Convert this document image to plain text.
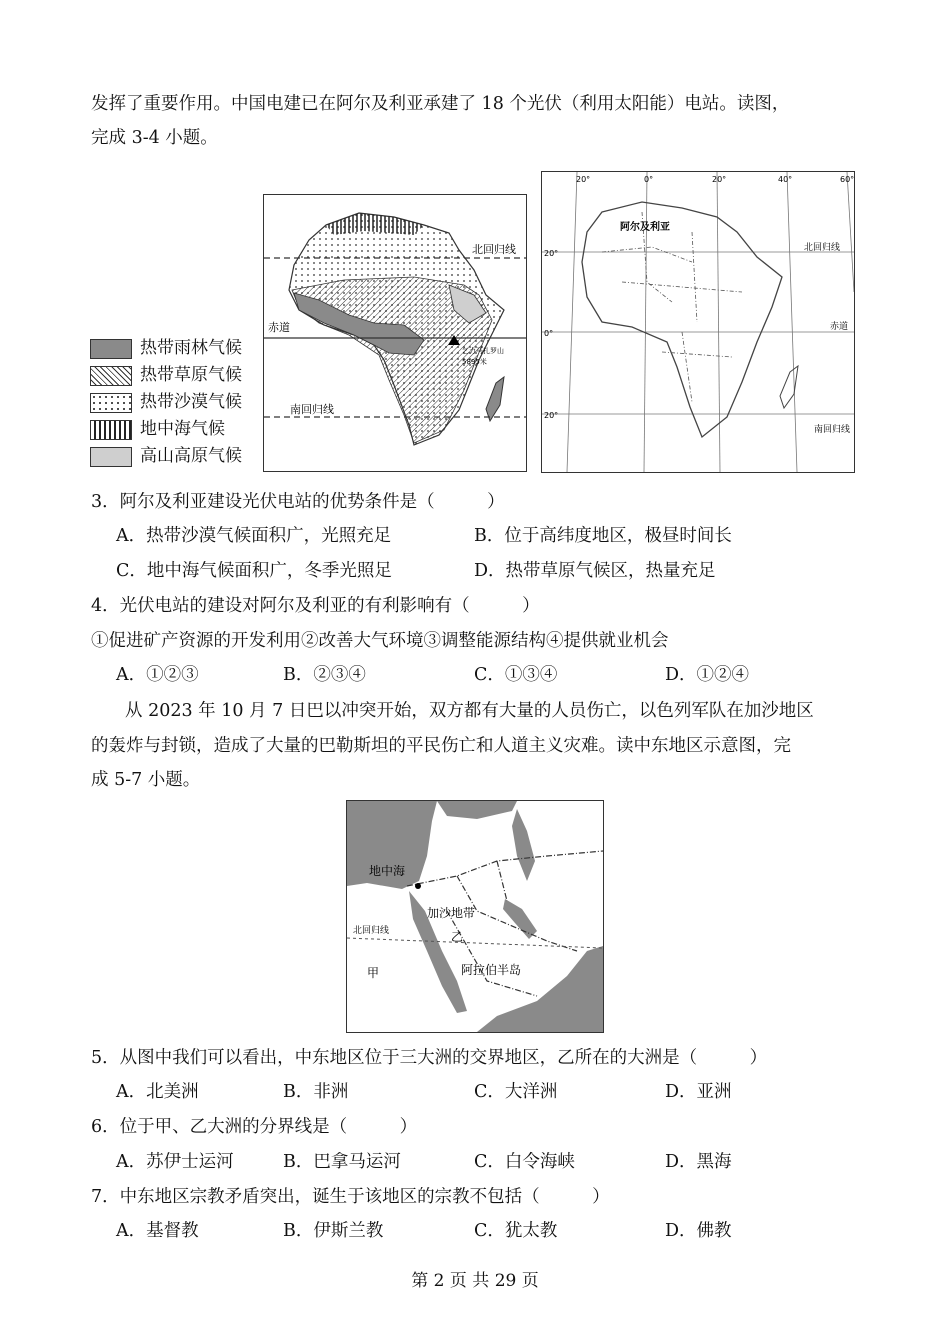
发挥了重要作用。中国电建已在阿尔及利亚承建了 18 个光伏（利用太阳能）电站。读图，
完成 3-4 小题。
热带雨林气候
热带草原气候
热带沙漠气候
地中海气候
高山高原气候
北回归线
赤道
南回归线
乞力马扎罗山
5895米
20°	0°	20°	40°	60°
20°
0°
20°
阿尔及利亚
北回归线
赤道
南回归线
3．阿尔及利亚建设光伏电站的优势条件是（　　　）
A．热带沙漠气候面积广，光照充足	B．位于高纬度地区，极昼时间长
C．地中海气候面积广，冬季光照足	D．热带草原气候区，热量充足
4．光伏电站的建设对阿尔及利亚的有利影响有（　　　）
①促进矿产资源的开发利用②改善大气环境③调整能源结构④提供就业机会
A．①②③	B．②③④	C．①③④	D．①②④
从 2023 年 10 月 7 日巴以冲突开始，双方都有大量的人员伤亡，以色列军队在加沙地区
的轰炸与封锁，造成了大量的巴勒斯坦的平民伤亡和人道主义灾难。读中东地区示意图，完
成 5-7 小题。
地中海
加沙地带
北回归线
甲
乙
阿拉伯半岛
5．从图中我们可以看出，中东地区位于三大洲的交界地区，乙所在的大洲是（　　　）
A．北美洲	B．非洲	C．大洋洲	D．亚洲
6．位于甲、乙大洲的分界线是（　　　）
A．苏伊士运河	B．巴拿马运河	C．白令海峡	D．黑海
7．中东地区宗教矛盾突出，诞生于该地区的宗教不包括（　　　）
A．基督教	B．伊斯兰教	C．犹太教	D．佛教
第 2 页 共 29 页
